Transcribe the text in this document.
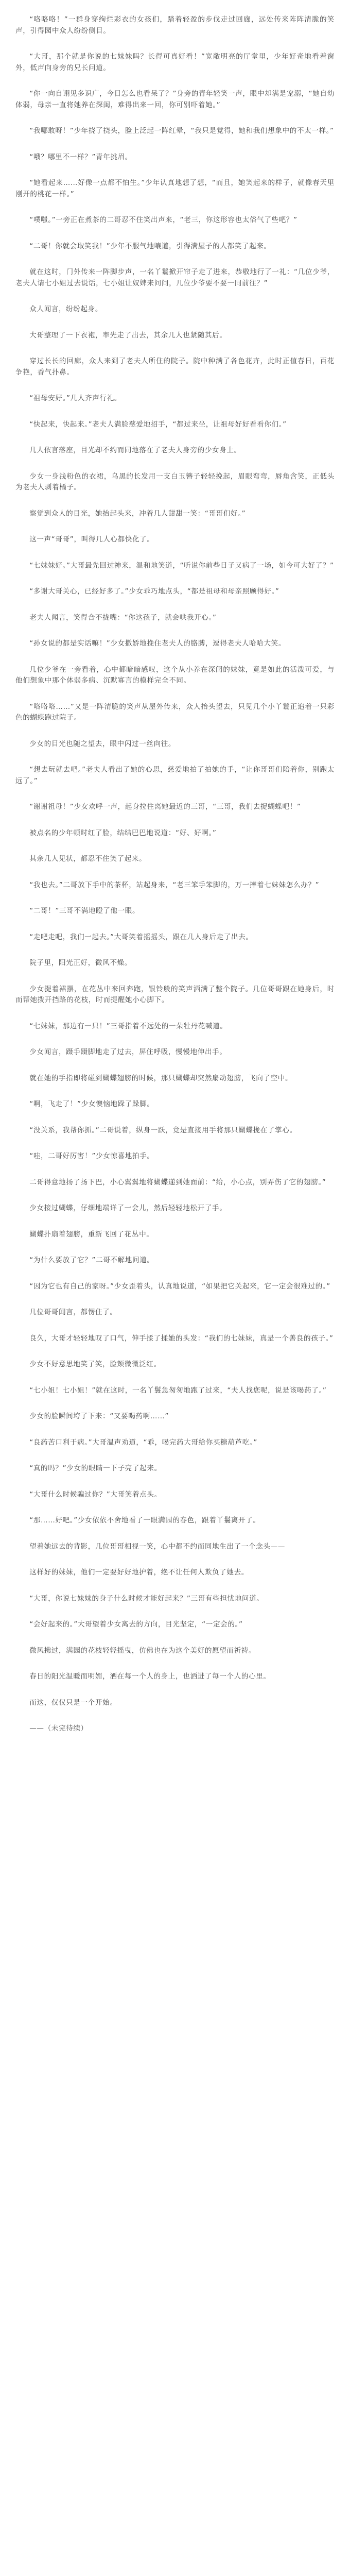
“咯咯咯！”一群身穿绚烂彩衣的女孩们，踏着轻盈的步伐走过回廊，远处传来阵阵清脆的笑声，引得园中众人纷纷侧目。

“大哥，那个就是你说的七妹妹吗？长得可真好看！”宽敞明亮的厅堂里，少年好奇地看着窗外，低声向身旁的兄长问道。

“你一向自诩见多识广，今日怎么也看呆了？”身旁的青年轻笑一声，眼中却满是宠溺，“她自幼体弱，母亲一直将她养在深闺，难得出来一回，你可别吓着她。”

“我哪敢呀！”少年挠了挠头，脸上泛起一阵红晕，“我只是觉得，她和我们想象中的不太一样。”

“哦？哪里不一样？”青年挑眉。

“她看起来……好像一点都不怕生。”少年认真地想了想，“而且，她笑起来的样子，就像春天里刚开的桃花一样。”

“噗嗤。”一旁正在煮茶的二哥忍不住笑出声来，“老三，你这形容也太俗气了些吧？”

“二哥！你就会取笑我！”少年不服气地嚷道，引得满屋子的人都笑了起来。

就在这时，门外传来一阵脚步声，一名丫鬟掀开帘子走了进来，恭敬地行了一礼：“几位少爷，老夫人请七小姐过去说话，七小姐让奴婢来问问，几位少爷要不要一同前往？”

众人闻言，纷纷起身。

大哥整理了一下衣袍，率先走了出去，其余几人也紧随其后。

穿过长长的回廊，众人来到了老夫人所住的院子。院中种满了各色花卉，此时正值春日，百花争艳，香气扑鼻。

“祖母安好。”几人齐声行礼。

“快起来，快起来。”老夫人满脸慈爱地招手，“都过来坐，让祖母好好看看你们。”

几人依言落座，目光却不约而同地落在了老夫人身旁的少女身上。

少女一身浅粉色的衣裙，乌黑的长发用一支白玉簪子轻轻挽起，眉眼弯弯，唇角含笑，正低头为老夫人剥着橘子。

察觉到众人的目光，她抬起头来，冲着几人甜甜一笑：“哥哥们好。”

这一声“哥哥”，叫得几人心都快化了。

“七妹妹好。”大哥最先回过神来，温和地笑道，“听说你前些日子又病了一场，如今可大好了？”

“多谢大哥关心，已经好多了。”少女乖巧地点头，“都是祖母和母亲照顾得好。”

老夫人闻言，笑得合不拢嘴：“你这孩子，就会哄我开心。”

“孙女说的都是实话嘛！”少女撒娇地挽住老夫人的胳膊，逗得老夫人哈哈大笑。

几位少爷在一旁看着，心中都暗暗感叹，这个从小养在深闺的妹妹，竟是如此的活泼可爱，与他们想象中那个体弱多病、沉默寡言的模样完全不同。

“咯咯咯……”又是一阵清脆的笑声从屋外传来，众人抬头望去，只见几个小丫鬟正追着一只彩色的蝴蝶跑过院子。

少女的目光也随之望去，眼中闪过一丝向往。

“想去玩就去吧。”老夫人看出了她的心思，慈爱地拍了拍她的手，“让你哥哥们陪着你，别跑太远了。”

“谢谢祖母！”少女欢呼一声，起身拉住离她最近的三哥，“三哥，我们去捉蝴蝶吧！”

被点名的少年顿时红了脸，结结巴巴地说道：“好、好啊。”

其余几人见状，都忍不住笑了起来。

“我也去。”二哥放下手中的茶杯，站起身来，“老三笨手笨脚的，万一摔着七妹妹怎么办？”

“二哥！”三哥不满地瞪了他一眼。

“走吧走吧，我们一起去。”大哥笑着摇摇头，跟在几人身后走了出去。

院子里，阳光正好，微风不燥。

少女提着裙摆，在花丛中来回奔跑，银铃般的笑声洒满了整个院子。几位哥哥跟在她身后，时而帮她拨开挡路的花枝，时而提醒她小心脚下。

“七妹妹，那边有一只！”三哥指着不远处的一朵牡丹花喊道。

少女闻言，蹑手蹑脚地走了过去，屏住呼吸，慢慢地伸出手。

就在她的手指即将碰到蝴蝶翅膀的时候，那只蝴蝶却突然扇动翅膀，飞向了空中。

“啊，飞走了！”少女懊恼地跺了跺脚。

“没关系，我帮你抓。”二哥说着，纵身一跃，竟是直接用手将那只蝴蝶拢在了掌心。

“哇，二哥好厉害！”少女惊喜地拍手。

二哥得意地扬了扬下巴，小心翼翼地将蝴蝶递到她面前：“给，小心点，别弄伤了它的翅膀。”

少女接过蝴蝶，仔细地端详了一会儿，然后轻轻地松开了手。

蝴蝶扑扇着翅膀，重新飞回了花丛中。

“为什么要放了它？”二哥不解地问道。

“因为它也有自己的家呀。”少女歪着头，认真地说道，“如果把它关起来，它一定会很难过的。”

几位哥哥闻言，都愣住了。

良久，大哥才轻轻地叹了口气，伸手揉了揉她的头发：“我们的七妹妹，真是一个善良的孩子。”

少女不好意思地笑了笑，脸颊微微泛红。

“七小姐！七小姐！”就在这时，一名丫鬟急匆匆地跑了过来，“夫人找您呢，说是该喝药了。”

少女的脸瞬间垮了下来：“又要喝药啊……”

“良药苦口利于病。”大哥温声劝道，“乖，喝完药大哥给你买糖葫芦吃。”

“真的吗？”少女的眼睛一下子亮了起来。

“大哥什么时候骗过你？”大哥笑着点头。

“那……好吧。”少女依依不舍地看了一眼满园的春色，跟着丫鬟离开了。

望着她远去的背影，几位哥哥相视一笑，心中都不约而同地生出了一个念头——

这样好的妹妹，他们一定要好好地护着，绝不让任何人欺负了她去。

“大哥，你说七妹妹的身子什么时候才能好起来？”三哥有些担忧地问道。

“会好起来的。”大哥望着少女离去的方向，目光坚定，“一定会的。”

微风拂过，满园的花枝轻轻摇曳，仿佛也在为这个美好的愿望而祈祷。

春日的阳光温暖而明媚，洒在每一个人的身上，也洒进了每一个人的心里。

而这，仅仅只是一个开始。

——（未完待续）
